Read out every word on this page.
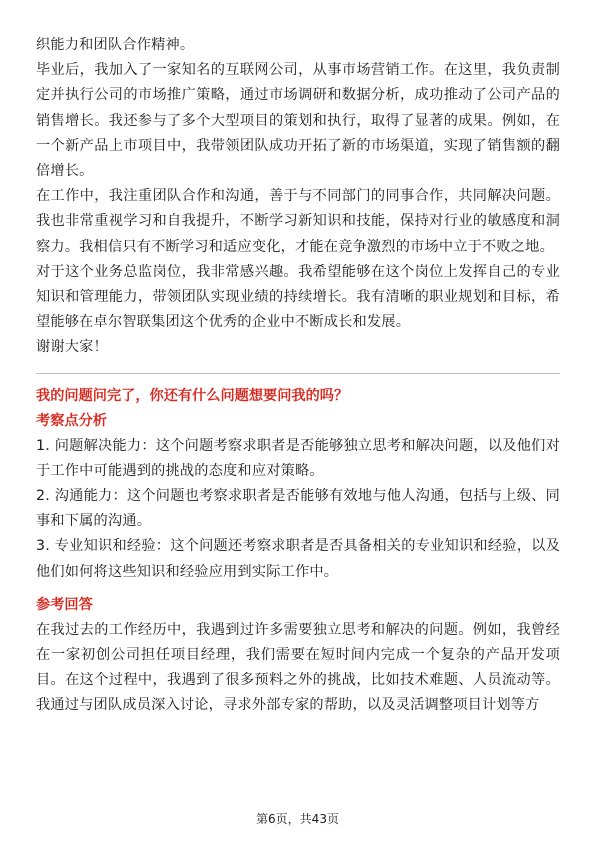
织能力和团队合作精神。

毕业后，我加入了一家知名的互联网公司，从事市场营销工作。在这里，我负责制定并执行公司的市场推广策略，通过市场调研和数据分析，成功推动了公司产品的销售增长。我还参与了多个大型项目的策划和执行，取得了显著的成果。例如，在一个新产品上市项目中，我带领团队成功开拓了新的市场渠道，实现了销售额的翻倍增长。

在工作中，我注重团队合作和沟通，善于与不同部门的同事合作，共同解决问题。我也非常重视学习和自我提升，不断学习新知识和技能，保持对行业的敏感度和洞察力。我相信只有不断学习和适应变化，才能在竞争激烈的市场中立于不败之地。

对于这个业务总监岗位，我非常感兴趣。我希望能够在这个岗位上发挥自己的专业知识和管理能力，带领团队实现业绩的持续增长。我有清晰的职业规划和目标，希望能够在卓尔智联集团这个优秀的企业中不断成长和发展。

谢谢大家！

我的问题问完了，你还有什么问题想要问我的吗？

考察点分析

1. 问题解决能力：这个问题考察求职者是否能够独立思考和解决问题，以及他们对于工作中可能遇到的挑战的态度和应对策略。

2. 沟通能力：这个问题也考察求职者是否能够有效地与他人沟通，包括与上级、同事和下属的沟通。

3. 专业知识和经验：这个问题还考察求职者是否具备相关的专业知识和经验，以及他们如何将这些知识和经验应用到实际工作中。

参考回答

在我过去的工作经历中，我遇到过许多需要独立思考和解决的问题。例如，我曾经在一家初创公司担任项目经理，我们需要在短时间内完成一个复杂的产品开发项目。在这个过程中，我遇到了很多预料之外的挑战，比如技术难题、人员流动等。我通过与团队成员深入讨论，寻求外部专家的帮助，以及灵活调整项目计划等方

第6页，共43页
